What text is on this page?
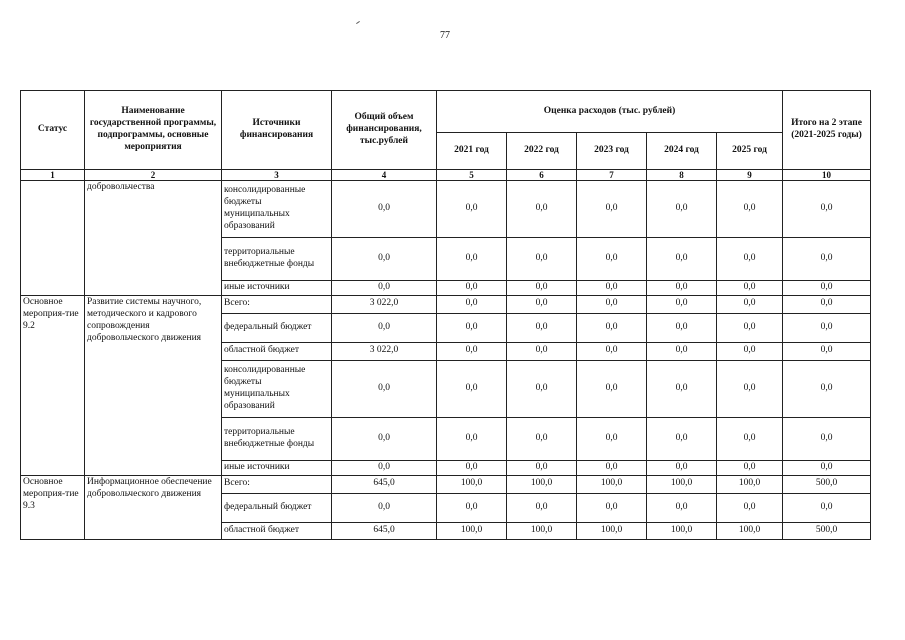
77
Статус	Наименование государственной программы, подпрограммы, основные мероприятия	Источники финансирования	Общий объем финансирования, тыс.рублей	Оценка расходов (тыс. рублей)					Итого на 2 этапе (2021-2025 годы)
				2021 год	2022 год	2023 год	2024 год	2025 год	
1	2	3	4	5	6	7	8	9	10
	добровольчества	консолидированные бюджеты муниципальных образований	0,0	0,0	0,0	0,0	0,0	0,0	0,0
		территориальные внебюджетные фонды	0,0	0,0	0,0	0,0	0,0	0,0	0,0
		иные источники	0,0	0,0	0,0	0,0	0,0	0,0	0,0
Основное мероприя-тие 9.2	Развитие системы научного, методического и кадрового сопровождения добровольческого движения	Всего:	3 022,0	0,0	0,0	0,0	0,0	0,0	0,0
		федеральный бюджет	0,0	0,0	0,0	0,0	0,0	0,0	0,0
		областной бюджет	3 022,0	0,0	0,0	0,0	0,0	0,0	0,0
		консолидированные бюджеты муниципальных образований	0,0	0,0	0,0	0,0	0,0	0,0	0,0
		территориальные внебюджетные фонды	0,0	0,0	0,0	0,0	0,0	0,0	0,0
		иные источники	0,0	0,0	0,0	0,0	0,0	0,0	0,0
Основное мероприя-тие 9.3	Информационное обеспечение добровольческого движения	Всего:	645,0	100,0	100,0	100,0	100,0	100,0	500,0
		федеральный бюджет	0,0	0,0	0,0	0,0	0,0	0,0	0,0
		областной бюджет	645,0	100,0	100,0	100,0	100,0	100,0	500,0
